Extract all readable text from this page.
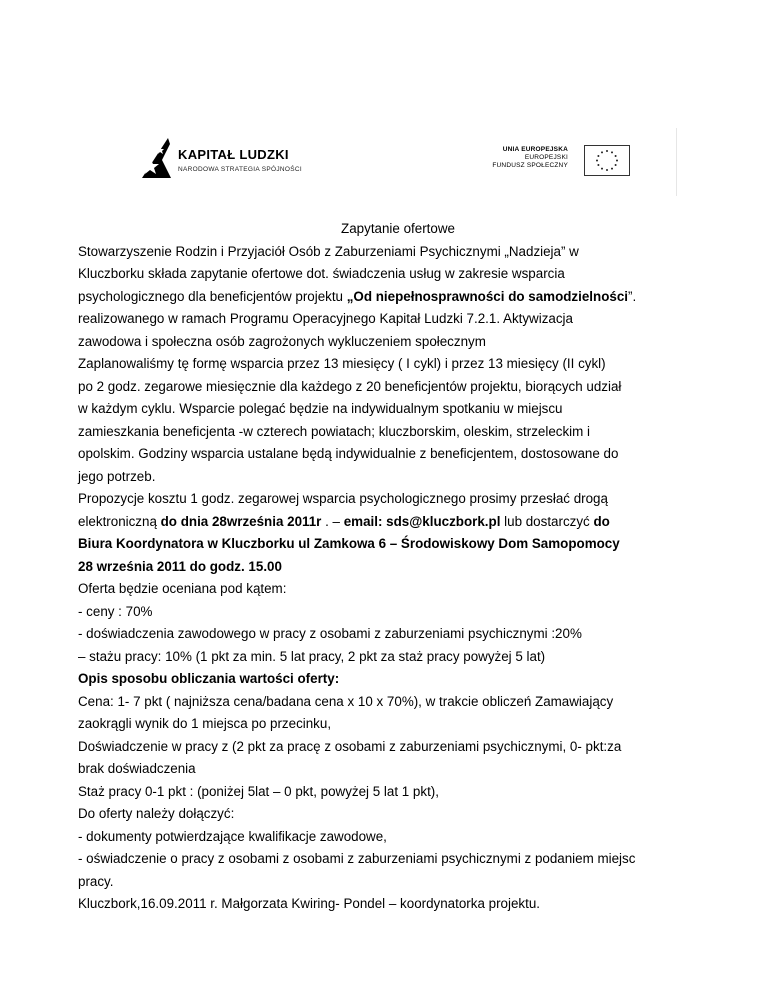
KAPITAŁ LUDZKI
NARODOWA STRATEGIA SPÓJNOŚCI
UNIA EUROPEJSKA
EUROPEJSKI
FUNDUSZ SPOŁECZNY
Zapytanie ofertowe
Stowarzyszenie Rodzin i Przyjaciół Osób z Zaburzeniami Psychicznymi „Nadzieja” w
Kluczborku składa zapytanie ofertowe dot. świadczenia usług w zakresie wsparcia
psychologicznego dla beneficjentów projektu „Od niepełnosprawności do samodzielności”.
realizowanego w ramach Programu Operacyjnego Kapitał Ludzki 7.2.1. Aktywizacja
zawodowa i społeczna osób zagrożonych wykluczeniem społecznym
Zaplanowaliśmy tę formę wsparcia przez 13 miesięcy ( I cykl) i przez 13 miesięcy (II cykl)
po 2 godz. zegarowe miesięcznie dla każdego z 20 beneficjentów projektu, biorących udział
w każdym cyklu. Wsparcie polegać będzie na indywidualnym spotkaniu w miejscu
zamieszkania beneficjenta -w czterech powiatach; kluczborskim, oleskim, strzeleckim i
opolskim. Godziny wsparcia ustalane będą indywidualnie z beneficjentem, dostosowane do
jego potrzeb.
Propozycje kosztu 1 godz. zegarowej wsparcia psychologicznego prosimy przesłać drogą
elektroniczną do dnia 28września 2011r . – email: sds@kluczbork.pl lub dostarczyć do
Biura Koordynatora w Kluczborku ul Zamkowa 6 – Środowiskowy Dom Samopomocy
28 września 2011 do godz. 15.00
Oferta będzie oceniana pod kątem:
- ceny : 70%
- doświadczenia zawodowego w pracy z osobami z zaburzeniami psychicznymi :20%
– stażu pracy: 10% (1 pkt za min. 5 lat pracy, 2 pkt za staż pracy powyżej 5 lat)
Opis sposobu obliczania wartości oferty:
Cena: 1- 7 pkt ( najniższa cena/badana cena x 10 x 70%), w trakcie obliczeń Zamawiający
zaokrągli wynik do 1 miejsca po przecinku,
Doświadczenie w pracy z (2 pkt za pracę z osobami z zaburzeniami psychicznymi, 0- pkt:za
brak doświadczenia
Staż pracy 0-1 pkt : (poniżej 5lat – 0 pkt, powyżej 5 lat 1 pkt),
Do oferty należy dołączyć:
- dokumenty potwierdzające kwalifikacje zawodowe,
- oświadczenie o pracy z osobami z osobami z zaburzeniami psychicznymi z podaniem miejsc
pracy.
Kluczbork,16.09.2011 r. Małgorzata Kwiring- Pondel – koordynatorka projektu.
